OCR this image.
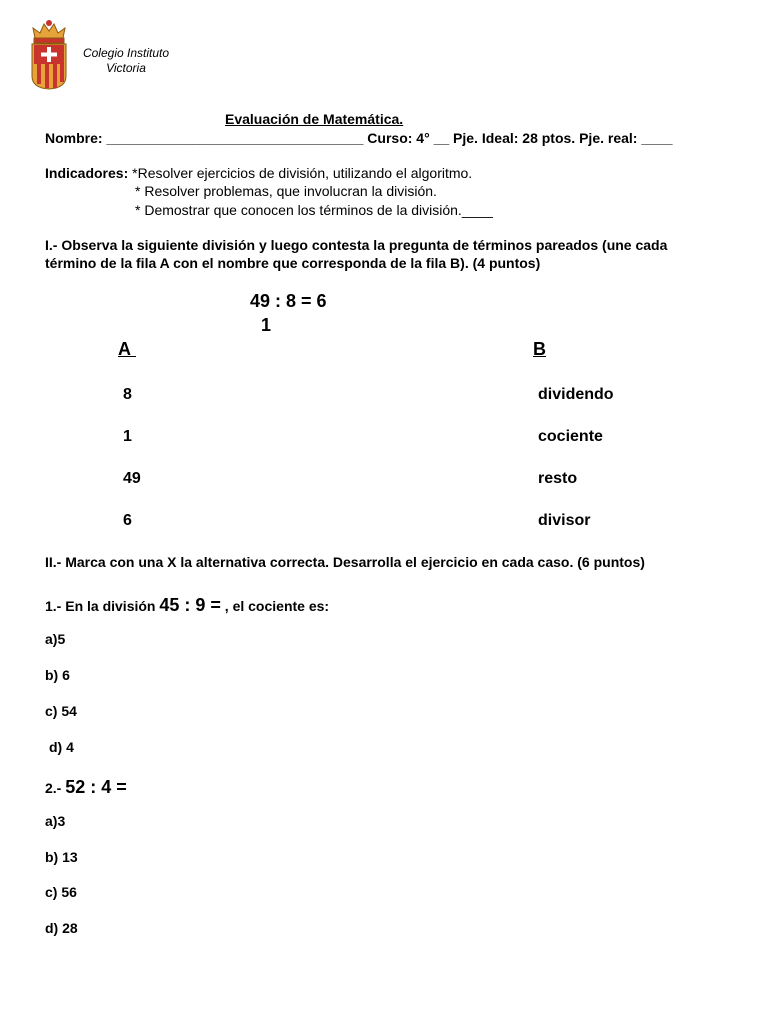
Colegio Instituto
Victoria
Evaluación de Matemática.
Nombre: _________________________________ Curso: 4° __ Pje. Ideal: 28 ptos. Pje. real: ____
Indicadores: *Resolver ejercicios de división, utilizando el algoritmo.
* Resolver problemas, que involucran la división.
* Demostrar que conocen los términos de la división.____
I.- Observa la siguiente división y luego contesta la pregunta de términos pareados (une cada
término de la fila A con el nombre que corresponda de la fila B). (4 puntos)
49 : 8 = 6
1
A	B
8
1
49
6
dividendo
cociente
resto
divisor
II.- Marca con una X la alternativa correcta. Desarrolla el ejercicio en cada caso. (6 puntos)
1.- En la división 45 : 9 = , el cociente es:
a)5
b) 6
c) 54
d) 4
2.- 52 : 4 =
a)3
b) 13
c) 56
d) 28
